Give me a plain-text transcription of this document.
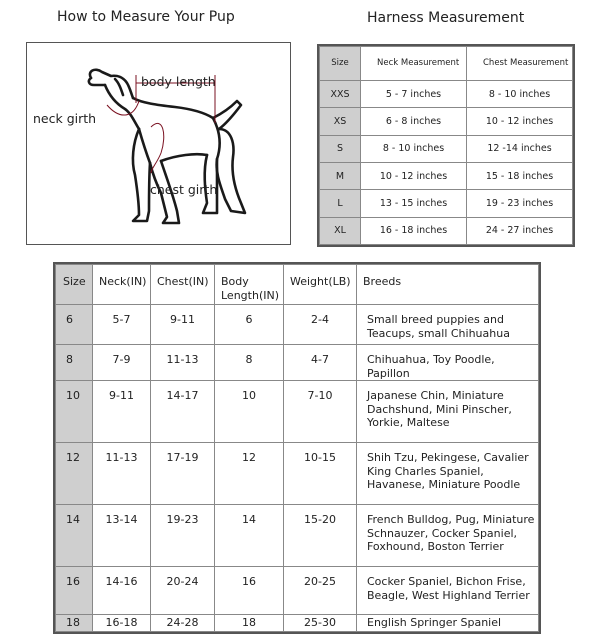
How to Measure Your Pup	Harness Measurement
body length
neck girth
chest girth
Size	Neck Measurement	Chest Measurement
XXS	5 - 7 inches	8 - 10 inches
XS	6 - 8 inches	10 - 12 inches
S	8 - 10 inches	12 -14 inches
M	10 - 12 inches	15 - 18 inches
L	13 - 15 inches	19 - 23 inches
XL	16 - 18 inches	24 - 27 inches
Size	Neck(IN)	Chest(IN)	Body Length(IN)	Weight(LB)	Breeds
6	5-7	9-11	6	2-4	Small breed puppies and Teacups, small Chihuahua
8	7-9	11-13	8	4-7	Chihuahua, Toy Poodle, Papillon
10	9-11	14-17	10	7-10	Japanese Chin, Miniature Dachshund, Mini Pinscher, Yorkie, Maltese
12	11-13	17-19	12	10-15	Shih Tzu, Pekingese, Cavalier King Charles Spaniel, Havanese, Miniature Poodle
14	13-14	19-23	14	15-20	French Bulldog, Pug, Miniature Schnauzer, Cocker Spaniel, Foxhound, Boston Terrier
16	14-16	20-24	16	20-25	Cocker Spaniel, Bichon Frise, Beagle, West Highland Terrier
18	16-18	24-28	18	25-30	English Springer Spaniel
